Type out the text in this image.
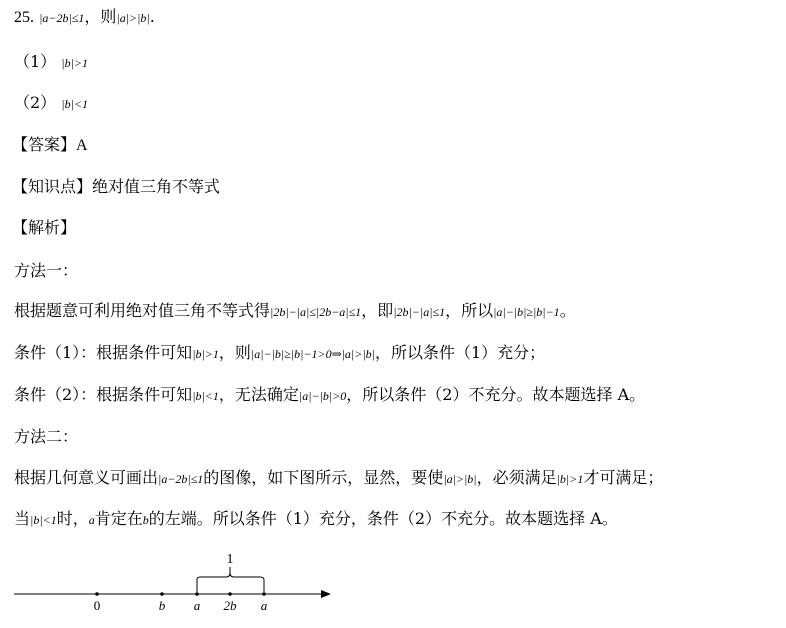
25. |a−2b|≤1，则|a|>|b|.
（1） |b|>1
（2） |b|<1
【答案】A
【知识点】绝对值三角不等式
【解析】
方法一：
根据题意可利用绝对值三角不等式得|2b|−|a|≤|2b−a|≤1，即|2b|−|a|≤1，所以|a|−|b|≥|b|−1。
条件（1）：根据条件可知|b|>1，则|a|−|b|≥|b|−1>0⇒|a|>|b|，所以条件（1）充分；
条件（2）：根据条件可知|b|<1，无法确定|a|−|b|>0，所以条件（2）不充分。故本题选择 A。
方法二：
根据几何意义可画出|a−2b|≤1的图像，如下图所示，显然，要使|a|>|b|，必须满足|b|>1才可满足；
当|b|<1时，a肯定在b的左端。所以条件（1）充分，条件（2）不充分。故本题选择 A。
1
0	b a 2b a
